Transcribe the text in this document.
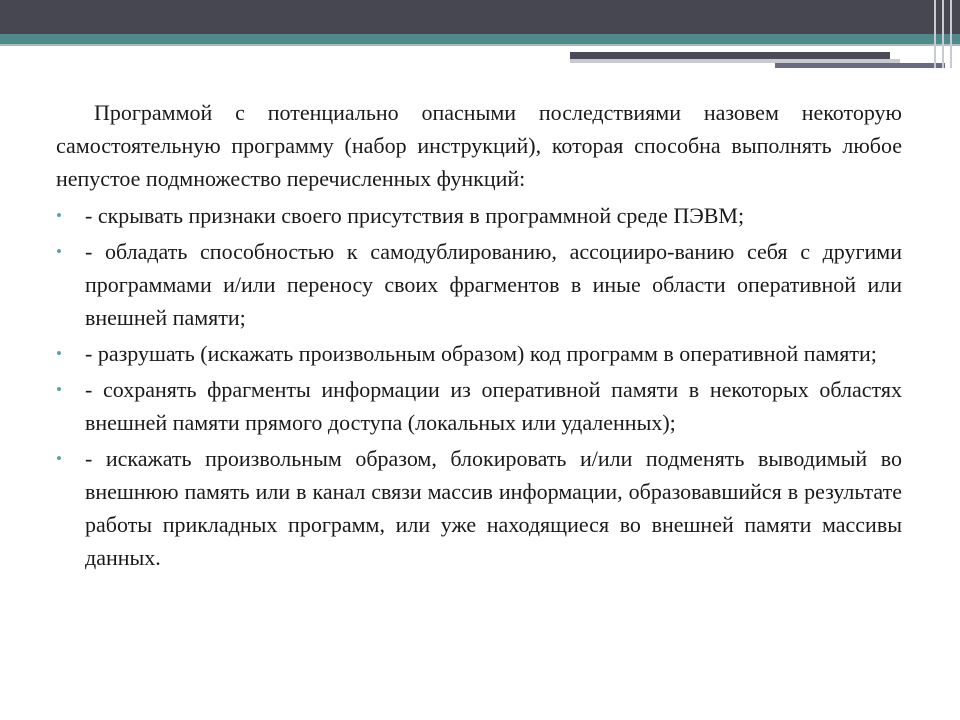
Программой с потенциально опасными последствиями назовем некоторую самостоятельную программу (набор инструкций), которая способна выполнять любое непустое подмножество перечисленных функций:

• - скрывать признаки своего присутствия в программной среде ПЭВМ;
• - обладать способностью к самодублированию, ассоцииро-ванию себя с другими программами и/или переносу своих фрагментов в иные области оперативной или внешней памяти;
• - разрушать (искажать произвольным образом) код программ в оперативной памяти;
• - сохранять фрагменты информации из оперативной памяти в некоторых областях внешней памяти прямого доступа (локальных или удаленных);
• - искажать произвольным образом, блокировать и/или подменять выводимый во внешнюю память или в канал связи массив информации, образовавшийся в результате работы прикладных программ, или уже находящиеся во внешней памяти массивы данных.
